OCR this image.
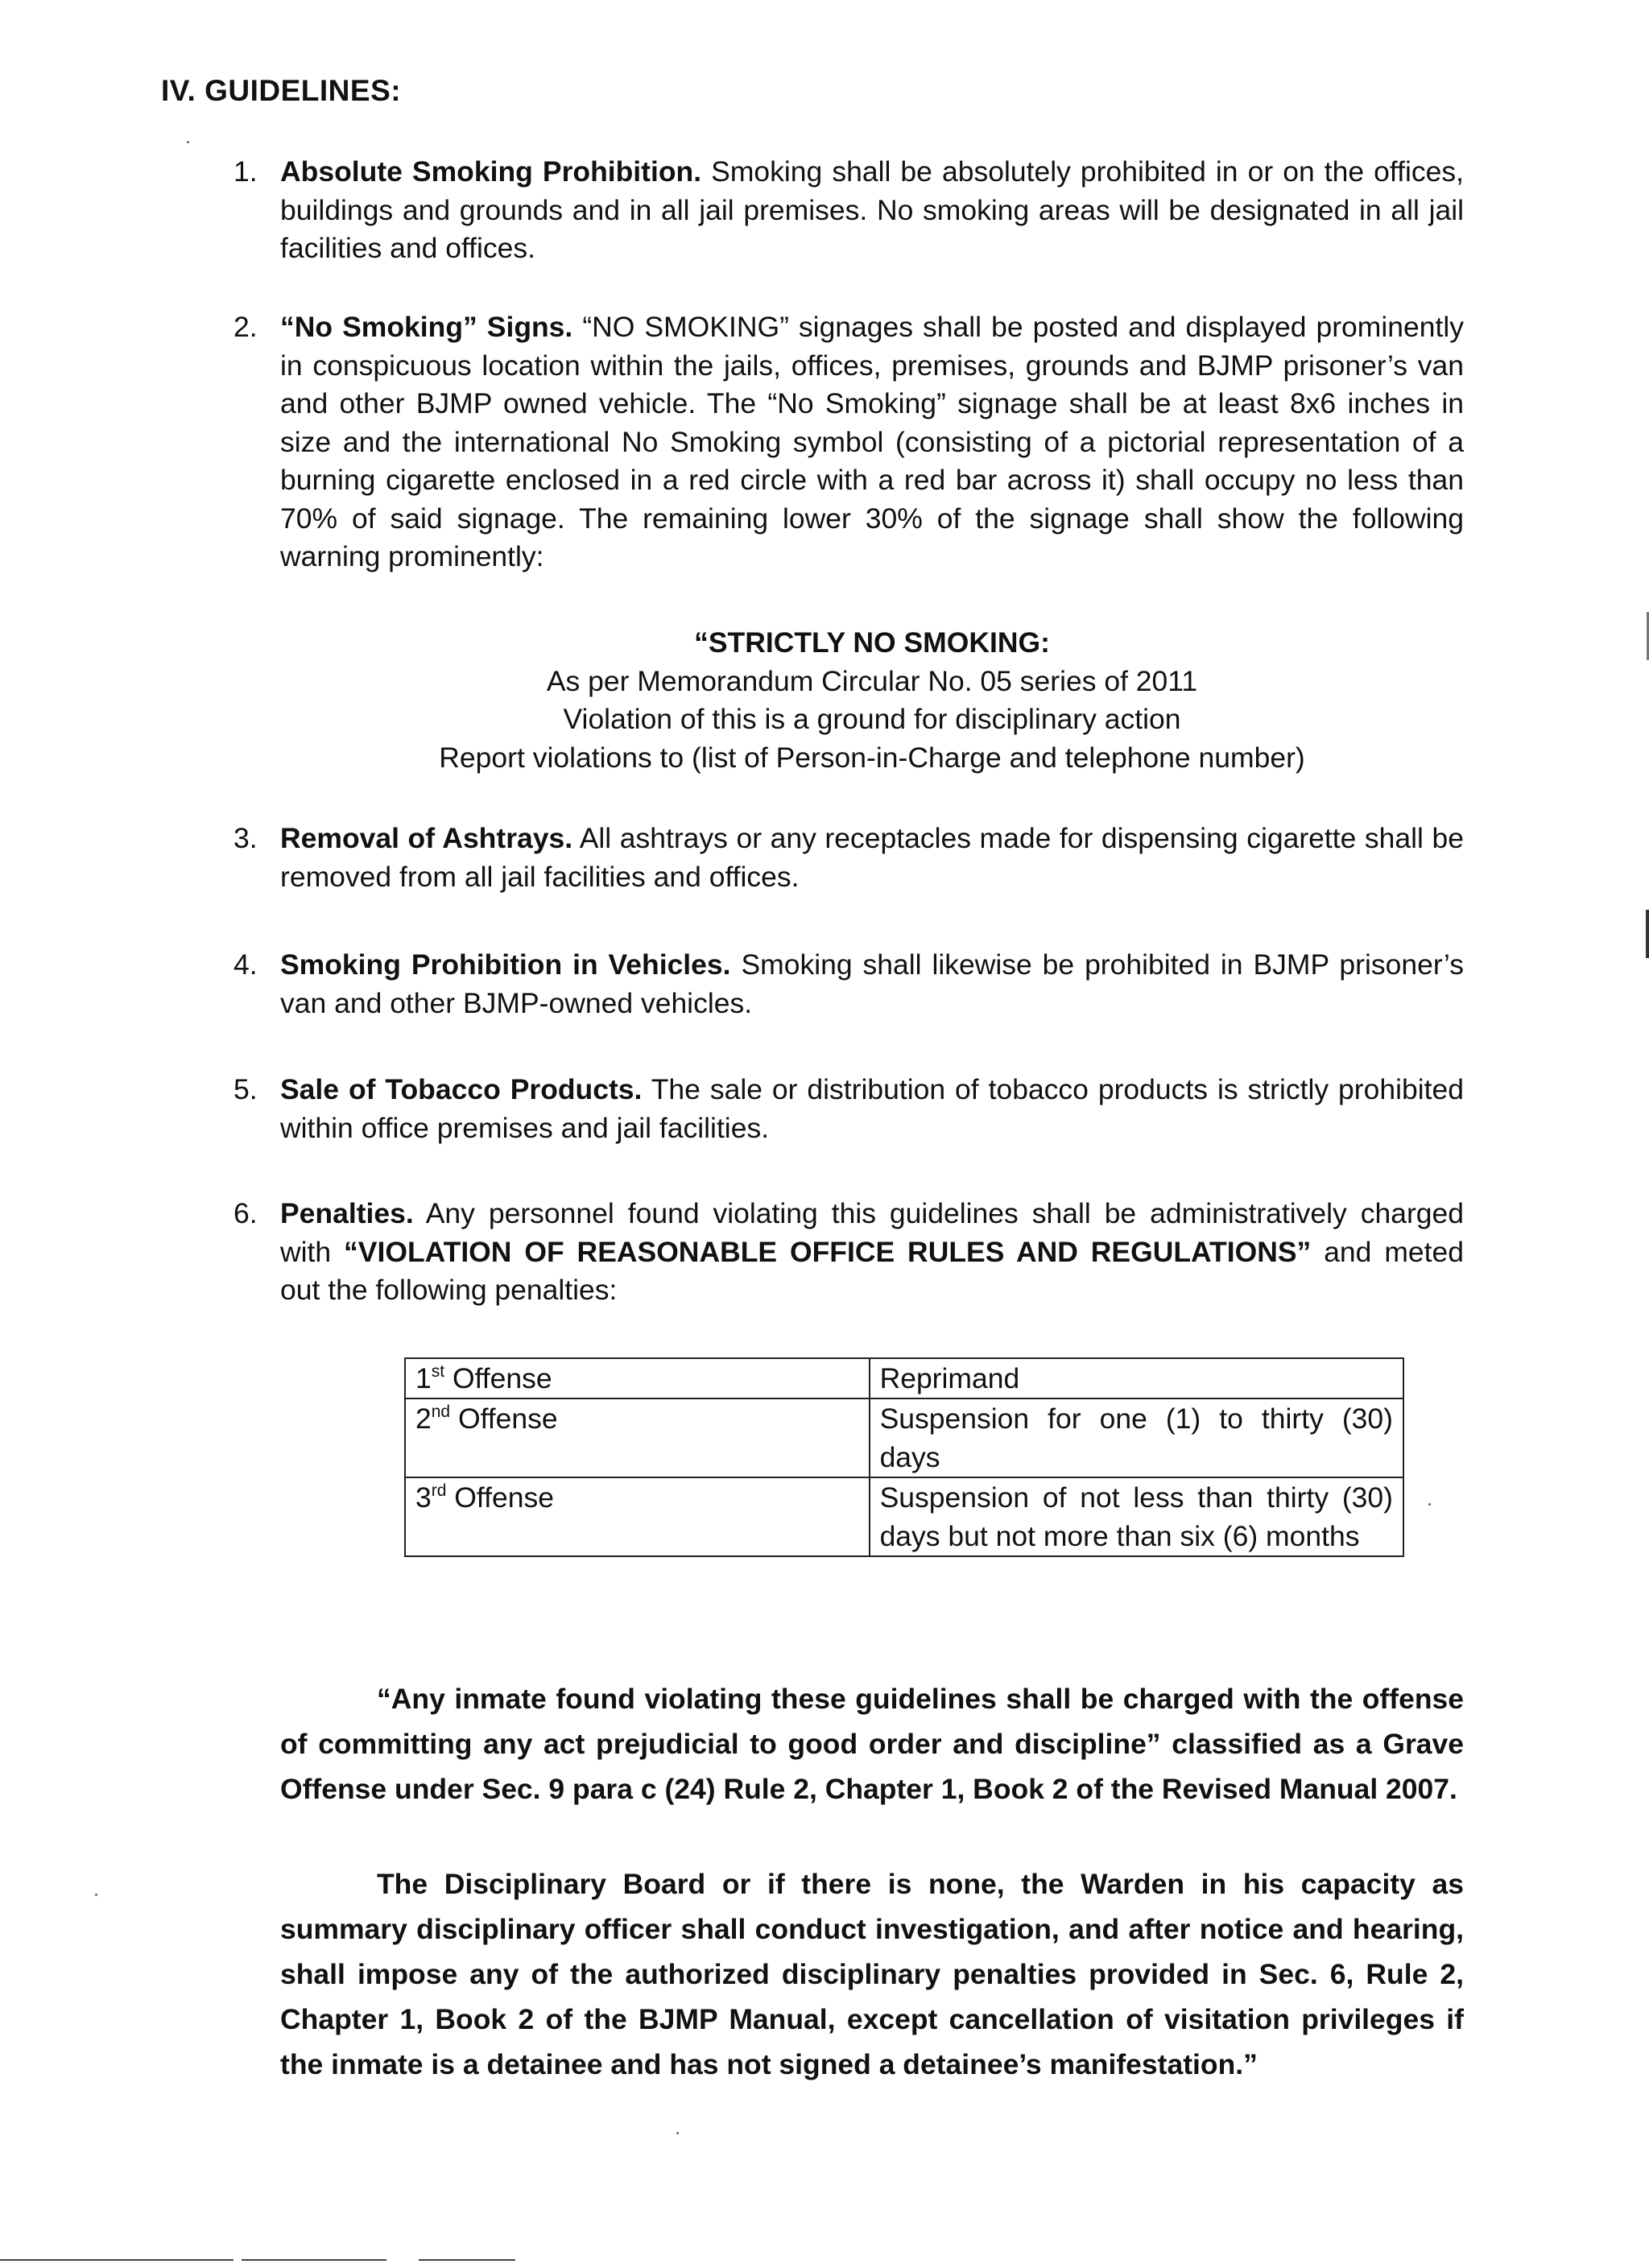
IV. GUIDELINES:
1. Absolute Smoking Prohibition. Smoking shall be absolutely prohibited in or on the offices, buildings and grounds and in all jail premises. No smoking areas will be designated in all jail facilities and offices.
2. “No Smoking” Signs. “NO SMOKING” signages shall be posted and displayed prominently in conspicuous location within the jails, offices, premises, grounds and BJMP prisoner’s van and other BJMP owned vehicle. The “No Smoking” signage shall be at least 8x6 inches in size and the international No Smoking symbol (consisting of a pictorial representation of a burning cigarette enclosed in a red circle with a red bar across it) shall occupy no less than 70% of said signage. The remaining lower 30% of the signage shall show the following warning prominently:
“STRICTLY NO SMOKING:
As per Memorandum Circular No. 05 series of 2011
Violation of this is a ground for disciplinary action
Report violations to (list of Person-in-Charge and telephone number)
3. Removal of Ashtrays. All ashtrays or any receptacles made for dispensing cigarette shall be removed from all jail facilities and offices.
4. Smoking Prohibition in Vehicles. Smoking shall likewise be prohibited in BJMP prisoner’s van and other BJMP-owned vehicles.
5. Sale of Tobacco Products. The sale or distribution of tobacco products is strictly prohibited within office premises and jail facilities.
6. Penalties. Any personnel found violating this guidelines shall be administratively charged with “VIOLATION OF REASONABLE OFFICE RULES AND REGULATIONS” and meted out the following penalties:
1st Offense	Reprimand
2nd Offense	Suspension for one (1) to thirty (30) days
3rd Offense	Suspension of not less than thirty (30) days but not more than six (6) months
“Any inmate found violating these guidelines shall be charged with the offense of committing any act prejudicial to good order and discipline” classified as a Grave Offense under Sec. 9 para c (24) Rule 2, Chapter 1, Book 2 of the Revised Manual 2007.
The Disciplinary Board or if there is none, the Warden in his capacity as summary disciplinary officer shall conduct investigation, and after notice and hearing, shall impose any of the authorized disciplinary penalties provided in Sec. 6, Rule 2, Chapter 1, Book 2 of the BJMP Manual, except cancellation of visitation privileges if the inmate is a detainee and has not signed a detainee’s manifestation.”
